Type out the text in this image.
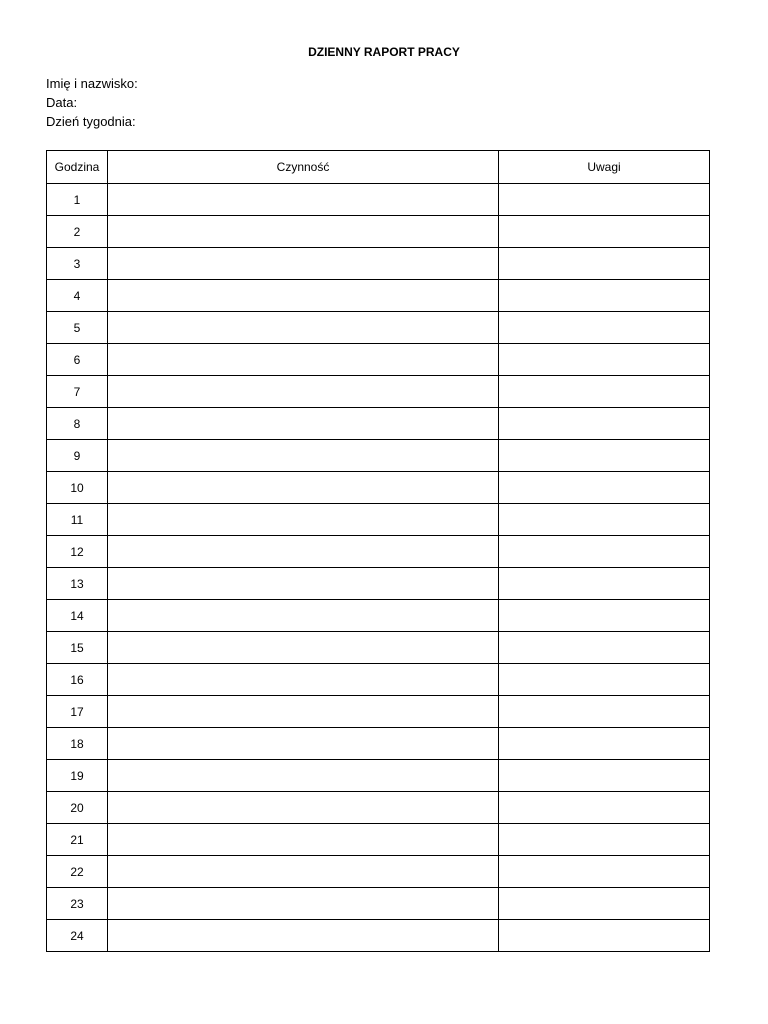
DZIENNY RAPORT PRACY
Imię i nazwisko:
Data:
Dzień tygodnia:
Godzina	Czynność	Uwagi
1		
2		
3		
4		
5		
6		
7		
8		
9		
10		
11		
12		
13		
14		
15		
16		
17		
18		
19		
20		
21		
22		
23		
24		
